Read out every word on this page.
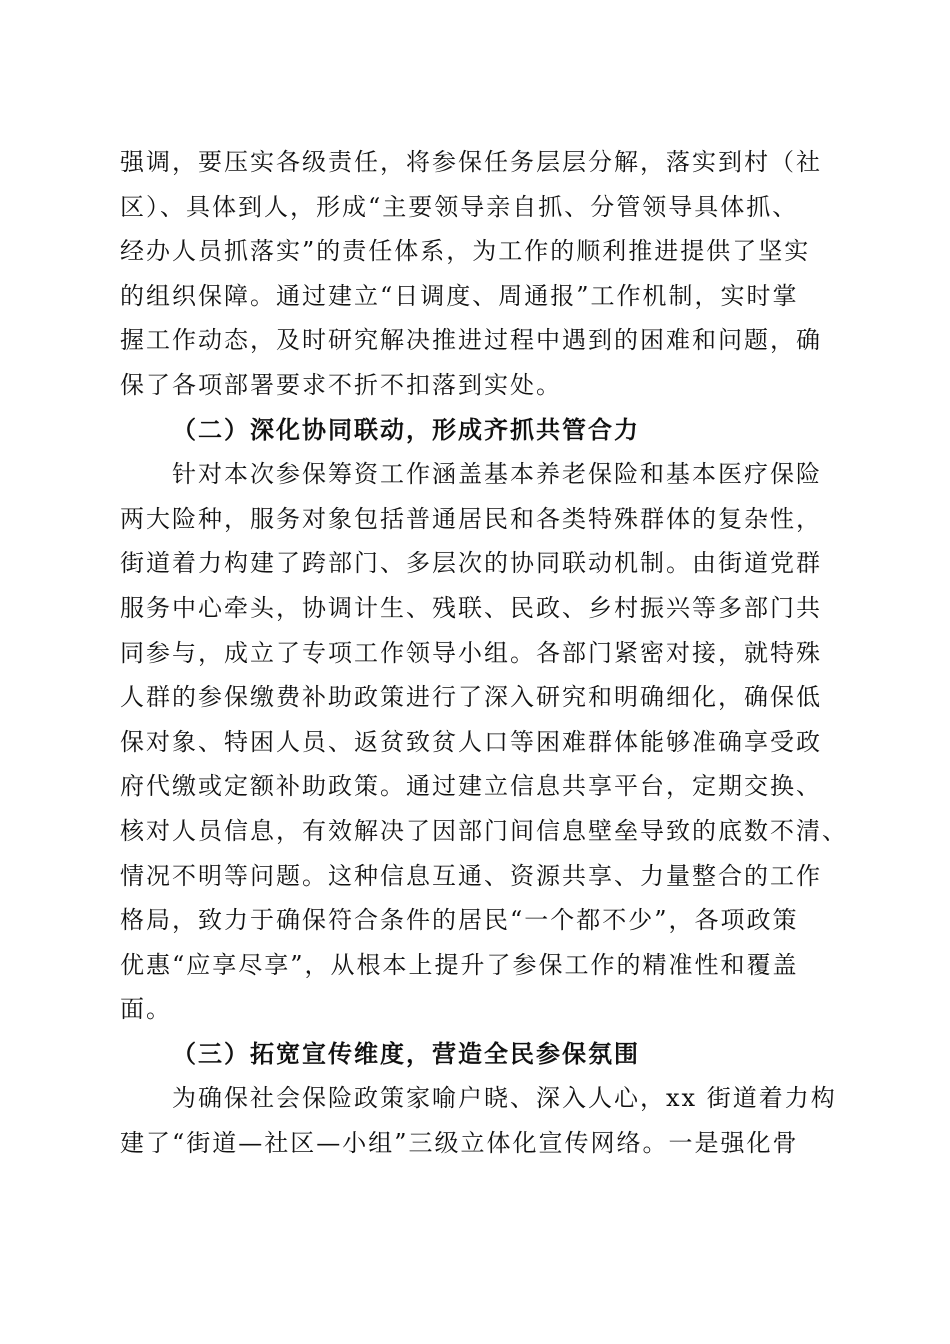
强调，要压实各级责任，将参保任务层层分解，落实到村（社
区）、具体到人，形成“主要领导亲自抓、分管领导具体抓、
经办人员抓落实”的责任体系，为工作的顺利推进提供了坚实
的组织保障。通过建立“日调度、周通报”工作机制，实时掌
握工作动态，及时研究解决推进过程中遇到的困难和问题，确
保了各项部署要求不折不扣落到实处。
（二）深化协同联动，形成齐抓共管合力
针对本次参保筹资工作涵盖基本养老保险和基本医疗保险
两大险种，服务对象包括普通居民和各类特殊群体的复杂性，
街道着力构建了跨部门、多层次的协同联动机制。由街道党群
服务中心牵头，协调计生、残联、民政、乡村振兴等多部门共
同参与，成立了专项工作领导小组。各部门紧密对接，就特殊
人群的参保缴费补助政策进行了深入研究和明确细化，确保低
保对象、特困人员、返贫致贫人口等困难群体能够准确享受政
府代缴或定额补助政策。通过建立信息共享平台，定期交换、
核对人员信息，有效解决了因部门间信息壁垒导致的底数不清、
情况不明等问题。这种信息互通、资源共享、力量整合的工作
格局，致力于确保符合条件的居民“一个都不少”，各项政策
优惠“应享尽享”，从根本上提升了参保工作的精准性和覆盖
面。
（三）拓宽宣传维度，营造全民参保氛围
为确保社会保险政策家喻户晓、深入人心，xx 街道着力构
建了“街道—社区—小组”三级立体化宣传网络。一是强化骨
